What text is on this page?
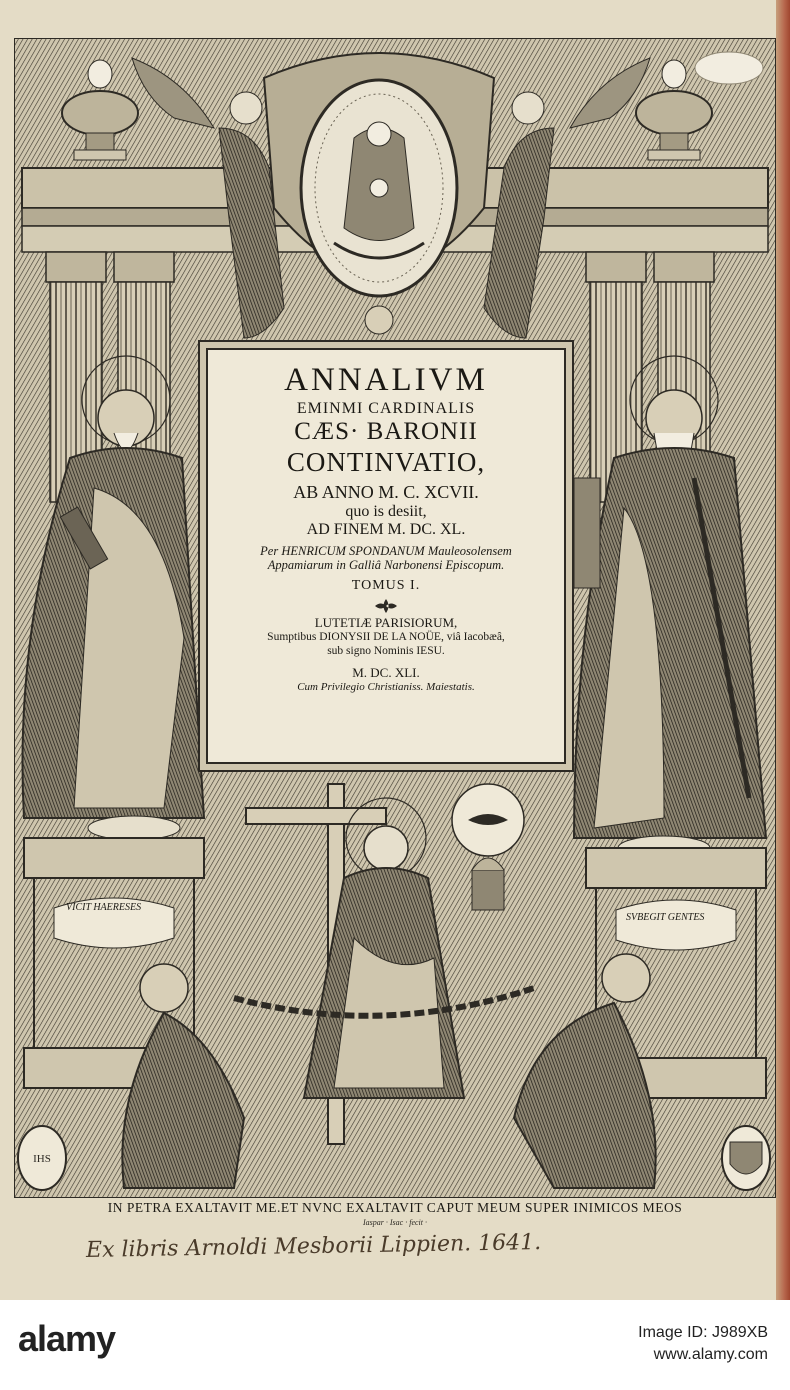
IHS
VICIT HAERESES
SVBEGIT GENTES
ANNALIVM
EMINMI CARDINALIS
CÆS· BARONII
CONTINVATIO,
AB ANNO M. C. XCVII.
quo is desiit,
AD FINEM M. DC. XL.
Per HENRICUM SPONDANUM Mauleosolensem
Appamiarum in Galliâ Narbonensi Episcopum.
TOMUS I.
LUTETIÆ PARISIORUM,
Sumptibus DIONYSII DE LA NOÜE, viâ Iacobæâ,
sub signo Nominis IESU.
M. DC. XLI.
Cum Privilegio Christianiss. Maiestatis.
IN PETRA EXALTAVIT ME.ET NVNC EXALTAVIT CAPUT MEUM SUPER INIMICOS MEOS
Iaspar · Isac · fecit ·
Ex libris Arnoldi Mesborii Lippien. 1641.
alamy	Image ID: J989XB
www.alamy.com
